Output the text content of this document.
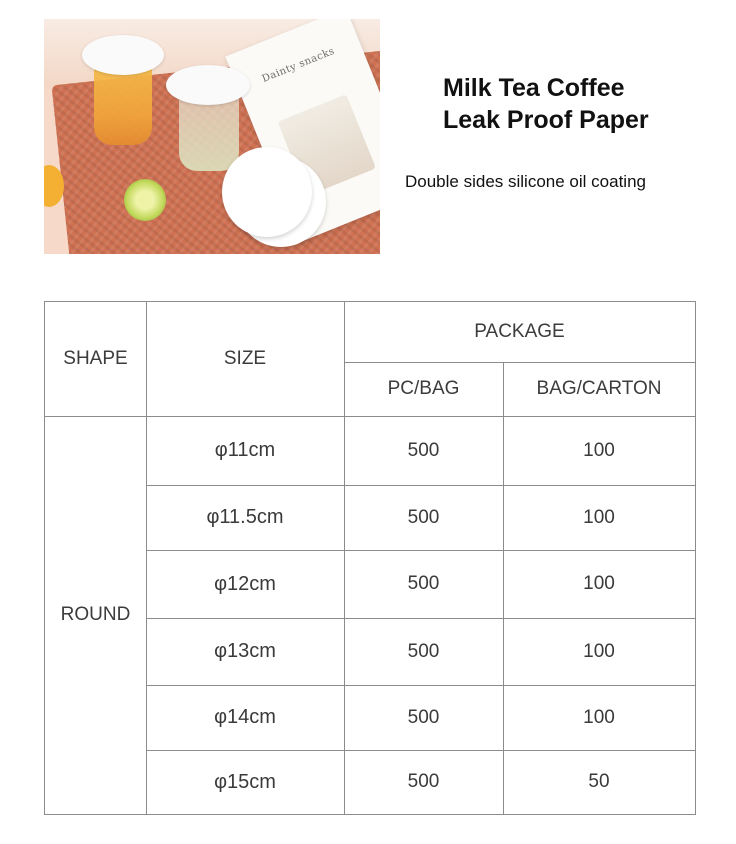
Dainty snacks
Milk Tea Coffee
Leak Proof Paper
Double sides silicone oil coating
SHAPE	SIZE
PACKAGE
PC/BAG	BAG/CARTON
ROUND
φ11cm	500	100
φ11.5cm	500	100
φ12cm	500	100
φ13cm	500	100
φ14cm	500	100
φ15cm	500	50
